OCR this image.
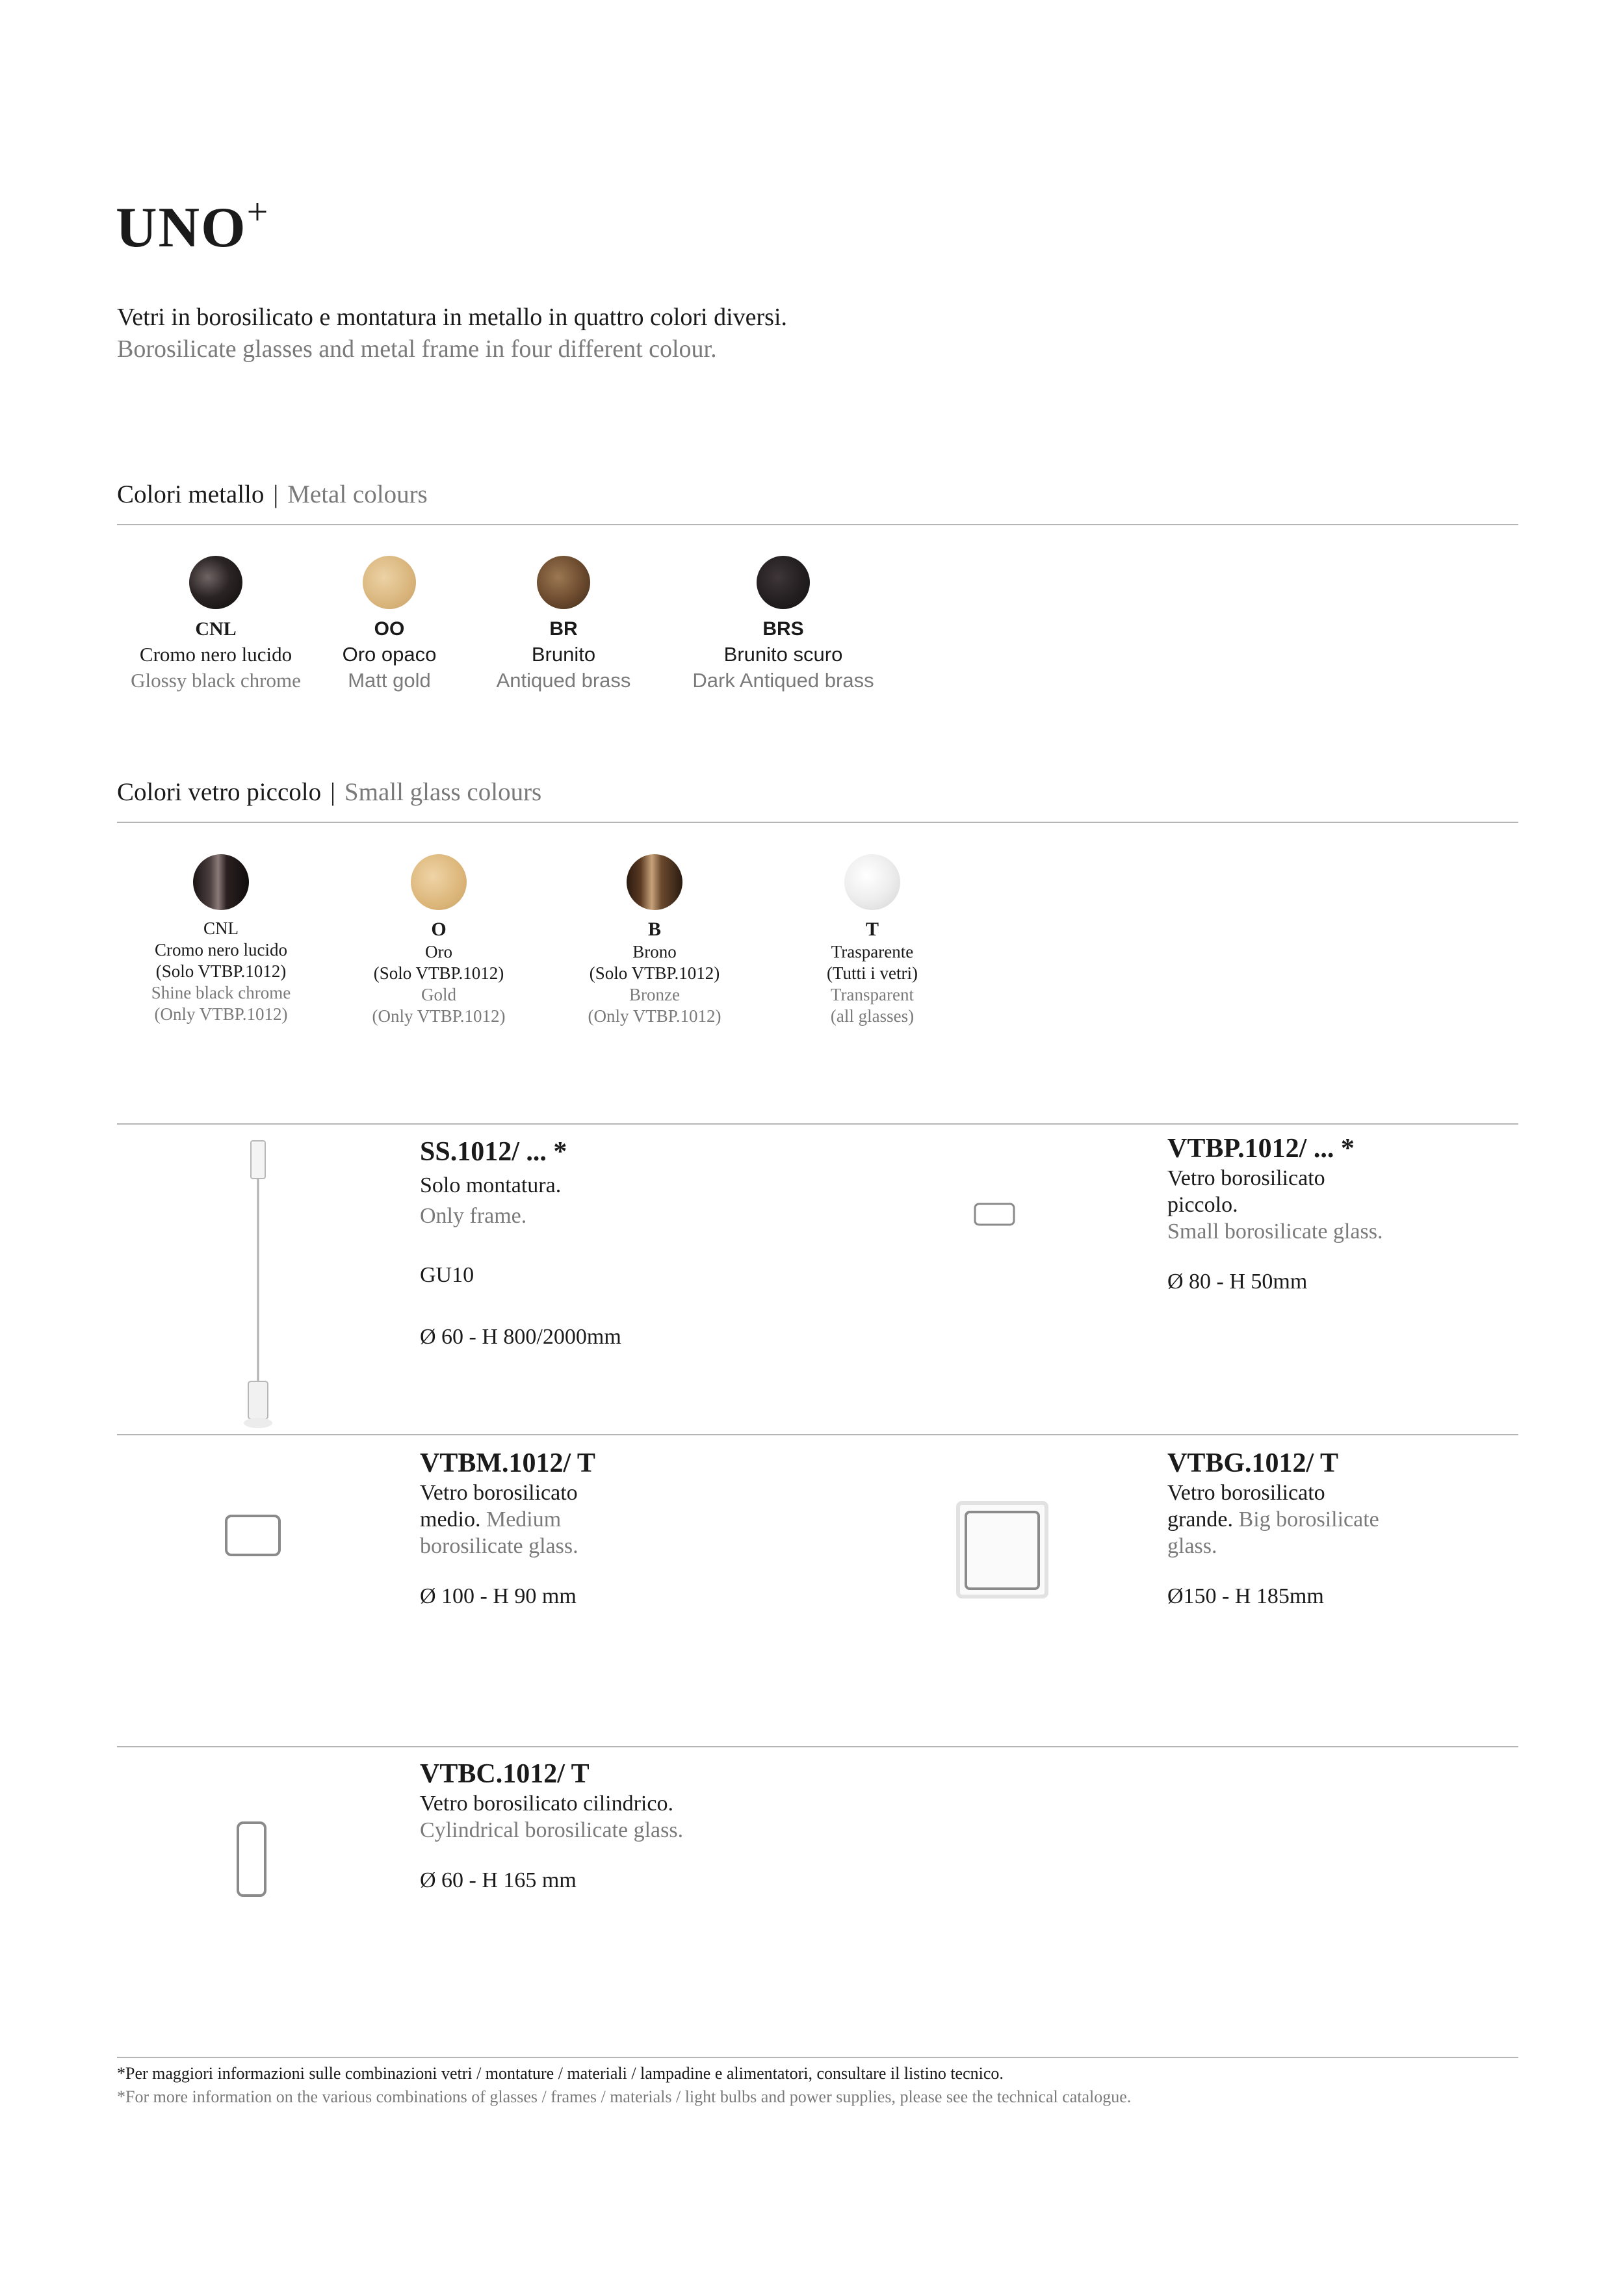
UNO+
Vetri in borosilicato e montatura in metallo in quattro colori diversi.
Borosilicate glasses and metal frame in four different colour.
Colori metallo | Metal colours
CNL
Cromo nero lucido
Glossy black chrome
OO
Oro opaco
Matt gold
BR
Brunito
Antiqued brass
BRS
Brunito scuro
Dark Antiqued brass
Colori vetro piccolo | Small glass colours
CNL
Cromo nero lucido
(Solo VTBP.1012)
Shine black chrome
(Only VTBP.1012)
O
Oro
(Solo VTBP.1012)
Gold
(Only VTBP.1012)
B
Brono
(Solo VTBP.1012)
Bronze
(Only VTBP.1012)
T
Trasparente
(Tutti i vetri)
Transparent
(all glasses)
SS.1012/ ... *
Solo montatura.
Only frame.
GU10
Ø 60 - H 800/2000mm
VTBP.1012/ ... *
Vetro borosilicato
piccolo.
Small borosilicate glass.
Ø 80 - H 50mm
VTBM.1012/ T
Vetro borosilicato
medio. Medium
borosilicate glass.
Ø 100 - H 90 mm
VTBG.1012/ T
Vetro borosilicato
grande. Big borosilicate
glass.
Ø150 - H 185mm
VTBC.1012/ T
Vetro borosilicato cilindrico.
Cylindrical borosilicate glass.
Ø 60 - H 165 mm
*Per maggiori informazioni sulle combinazioni vetri / montature / materiali / lampadine e alimentatori, consultare il listino tecnico.
*For more information on the various combinations of glasses / frames / materials / light bulbs and power supplies, please see the technical catalogue.
